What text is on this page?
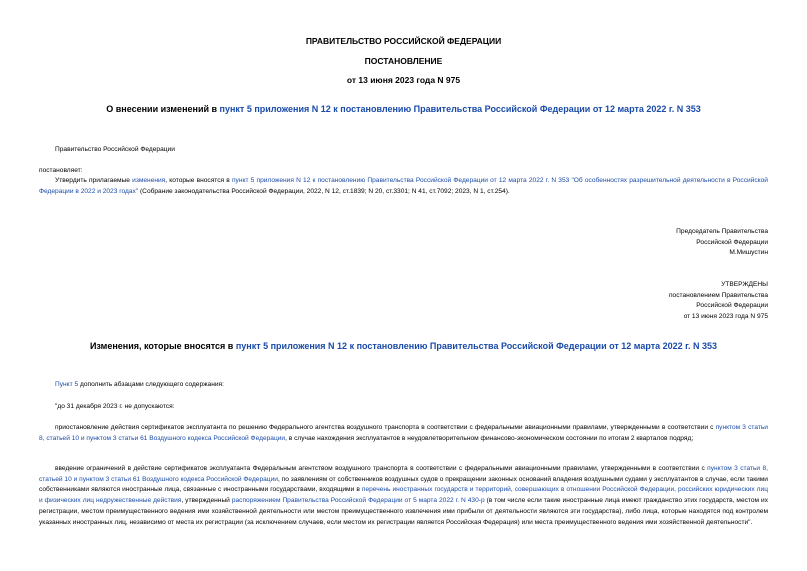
ПРАВИТЕЛЬСТВО РОССИЙСКОЙ ФЕДЕРАЦИИ
ПОСТАНОВЛЕНИЕ
от 13 июня 2023 года N 975
О внесении изменений в пункт 5 приложения N 12 к постановлению Правительства Российской Федерации от 12 марта 2022 г. N 353
Правительство Российской Федерации
постановляет:
Утвердить прилагаемые изменения, которые вносятся в пункт 5 приложения N 12 к постановлению Правительства Российской Федерации от 12 марта 2022 г. N 353 "Об особенностях разрешительной деятельности в Российской Федерации в 2022 и 2023 годах" (Собрание законодательства Российской Федерации, 2022, N 12, ст.1839; N 20, ст.3301; N 41, ст.7092; 2023, N 1, ст.254).
Председатель Правительства
Российской Федерации
М.Мишустин
УТВЕРЖДЕНЫ
постановлением Правительства
Российской Федерации
от 13 июня 2023 года N 975
Изменения, которые вносятся в пункт 5 приложения N 12 к постановлению Правительства Российской Федерации от 12 марта 2022 г. N 353
Пункт 5 дополнить абзацами следующего содержания:
"до 31 декабря 2023 г. не допускаются:
приостановление действия сертификатов эксплуатанта по решению Федерального агентства воздушного транспорта в соответствии с федеральными авиационными правилами, утвержденными в соответствии с пунктом 3 статьи 8, статьей 10 и пунктом 3 статьи 61 Воздушного кодекса Российской Федерации, в случае нахождения эксплуатантов в неудовлетворительном финансово-экономическом состоянии по итогам 2 кварталов подряд;
введение ограничений в действие сертификатов эксплуатанта Федеральным агентством воздушного транспорта в соответствии с федеральными авиационными правилами, утвержденными в соответствии с пунктом 3 статьи 8, статьей 10 и пунктом 3 статьи 61 Воздушного кодекса Российской Федерации, по заявлениям от собственников воздушных судов о прекращении законных оснований владения воздушными судами у эксплуатантов в случае, если такими собственниками являются иностранные лица, связанные с иностранными государствами, входящими в перечень иностранных государств и территорий, совершающих в отношении Российской Федерации, российских юридических лиц и физических лиц недружественные действия, утвержденный распоряжением Правительства Российской Федерации от 5 марта 2022 г. N 430-р (в том числе если такие иностранные лица имеют гражданство этих государств, местом их регистрации, местом преимущественного ведения ими хозяйственной деятельности или местом преимущественного извлечения ими прибыли от деятельности являются эти государства), либо лица, которые находятся под контролем указанных иностранных лиц, независимо от места их регистрации (за исключением случаев, если местом их регистрации является Российская Федерация) или места преимущественного ведения ими хозяйственной деятельности".
